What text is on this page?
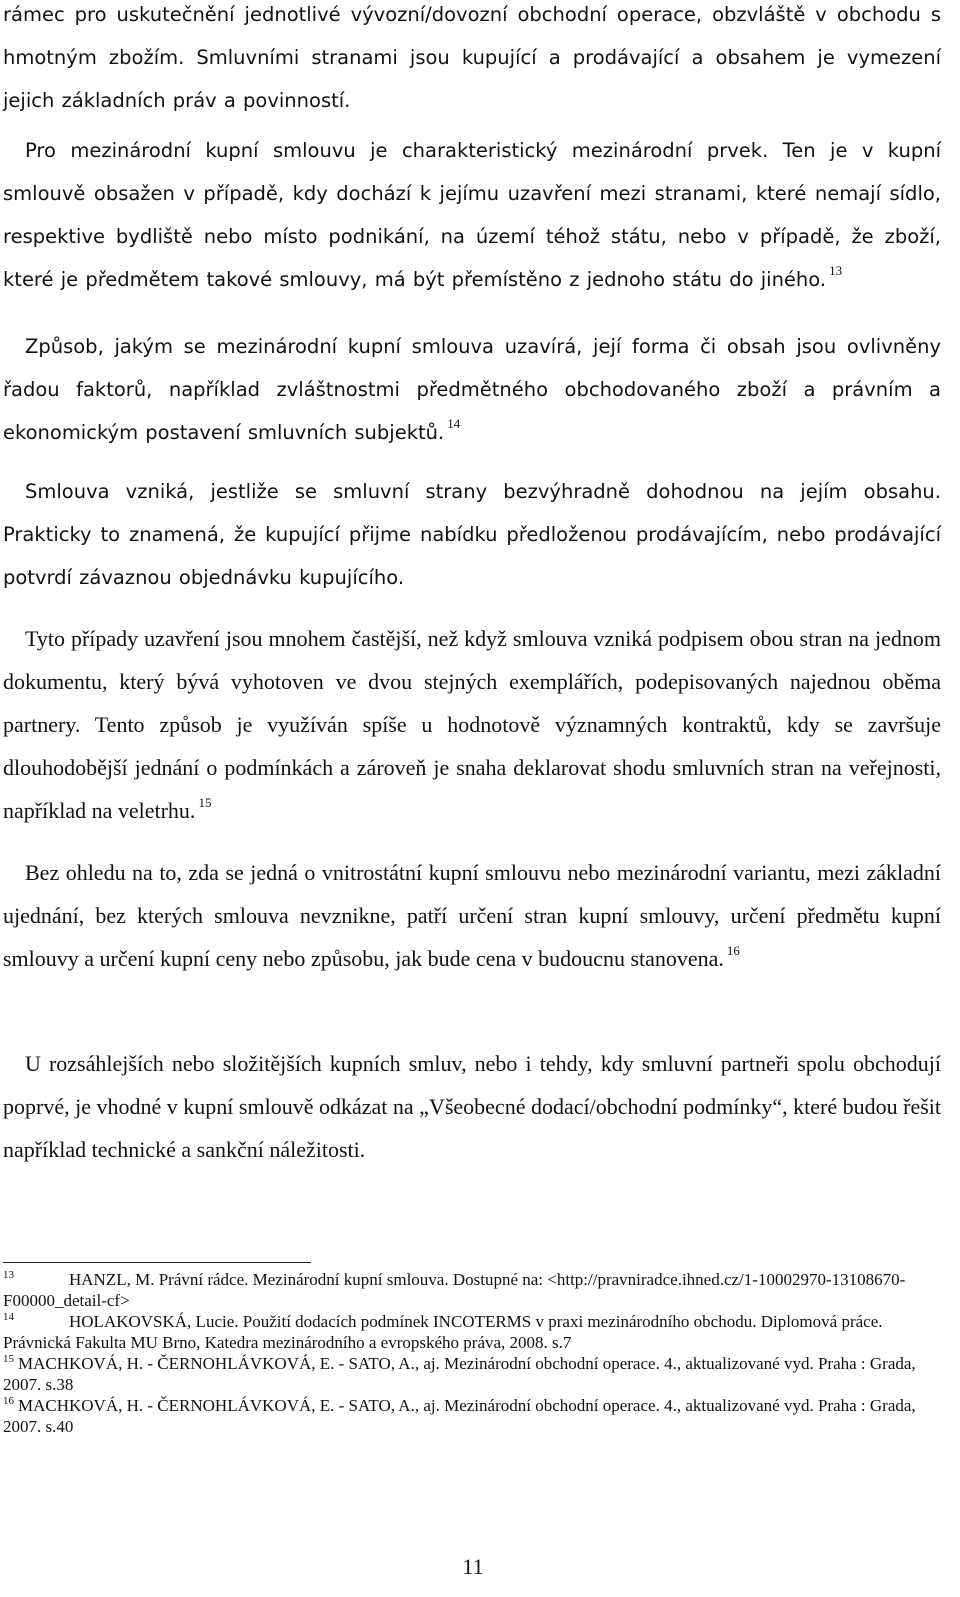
rámec pro uskutečnění jednotlivé vývozní/dovozní obchodní operace, obzvláště v obchodu s hmotným zbožím. Smluvními stranami jsou kupující a prodávající a obsahem je vymezení jejich základních práv a povinností.

Pro mezinárodní kupní smlouvu je charakteristický mezinárodní prvek. Ten je v kupní smlouvě obsažen v případě, kdy dochází k jejímu uzavření mezi stranami, které nemají sídlo, respektive bydliště nebo místo podnikání, na území téhož státu, nebo v případě, že zboží, které je předmětem takové smlouvy, má být přemístěno z jednoho státu do jiného. $^{13}$

Způsob, jakým se mezinárodní kupní smlouva uzavírá, její forma či obsah jsou ovlivněny řadou faktorů, například zvláštnostmi předmětného obchodovaného zboží a právním a ekonomickým postavení smluvních subjektů. $^{14}$

Smlouva vzniká, jestliže se smluvní strany bezvýhradně dohodnou na jejím obsahu. Prakticky to znamená, že kupující přijme nabídku předloženou prodávajícím, nebo prodávající potvrdí závaznou objednávku kupujícího.

Tyto případy uzavření jsou mnohem častější, než když smlouva vzniká podpisem obou stran na jednom dokumentu, který bývá vyhotoven ve dvou stejných exemplářích, podepisovaných najednou oběma partnery. Tento způsob je využíván spíše u hodnotově významných kontraktů, kdy se završuje dlouhodobější jednání o podmínkách a zároveň je snaha deklarovat shodu smluvních stran na veřejnosti, například na veletrhu. $^{15}$

Bez ohledu na to, zda se jedná o vnitrostátní kupní smlouvu nebo mezinárodní variantu, mezi základní ujednání, bez kterých smlouva nevznikne, patří určení stran kupní smlouvy, určení předmětu kupní smlouvy a určení kupní ceny nebo způsobu, jak bude cena v budoucnu stanovena. $^{16}$

U rozsáhlejších nebo složitějších kupních smluv, nebo i tehdy, kdy smluvní partneři spolu obchodují poprvé, je vhodné v kupní smlouvě odkázat na „Všeobecné dodací/obchodní podmínky“, které budou řešit například technické a sankční náležitosti.

$^{13}$	HANZL, M. Právní rádce. Mezinárodní kupní smlouva. Dostupné na: <http://pravniradce.ihned.cz/1-10002970-13108670-F00000_detail-cf>

$^{14}$	HOLAKOVSKÁ, Lucie. Použití dodacích podmínek INCOTERMS v praxi mezinárodního obchodu. Diplomová práce. Právnická Fakulta MU Brno, Katedra mezinárodního a evropského práva, 2008. s.7

$^{15}$ MACHKOVÁ, H. - ČERNOHLÁVKOVÁ, E. - SATO, A., aj. Mezinárodní obchodní operace. 4., aktualizované vyd. Praha : Grada, 2007. s.38

$^{16}$ MACHKOVÁ, H. - ČERNOHLÁVKOVÁ, E. - SATO, A., aj. Mezinárodní obchodní operace. 4., aktualizované vyd. Praha : Grada, 2007. s.40

11
